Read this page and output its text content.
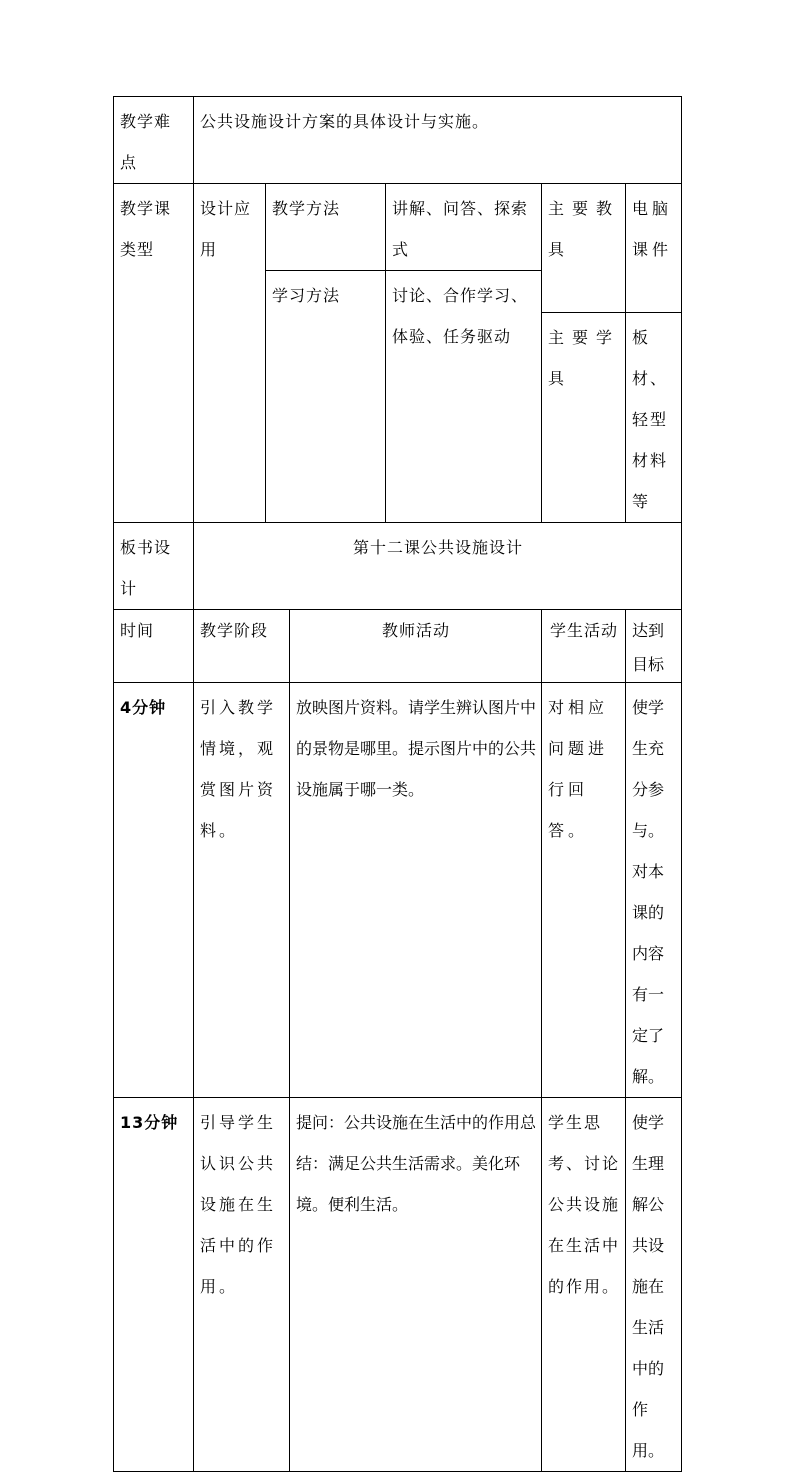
教学难点	公共设施设计方案的具体设计与实施。					
教学课类型	设计应用	教学方法		讲解、问答、探索式	主要教具	电脑课件
		学习方法		讨论、合作学习、体验、任务驱动		
					主要学具	板材、轻型材料等
板书设计	第十二课公共设施设计					
时间	教学阶段		教师活动		学生活动	达到目标
4分钟	引入教学情境，观赏图片资料。		放映图片资料。请学生辨认图片中的景物是哪里。提示图片中的公共设施属于哪一类。		对相应问题进行回答。	使学生充分参与。对本课的内容有一定了解。
13分钟	引导学生认识公共设施在生活中的作用。		提问：公共设施在生活中的作用总结：满足公共生活需求。美化环境。便利生活。		学生思考、讨论公共设施在生活中的作用。	使学生理解公共设施在生活中的作用。
